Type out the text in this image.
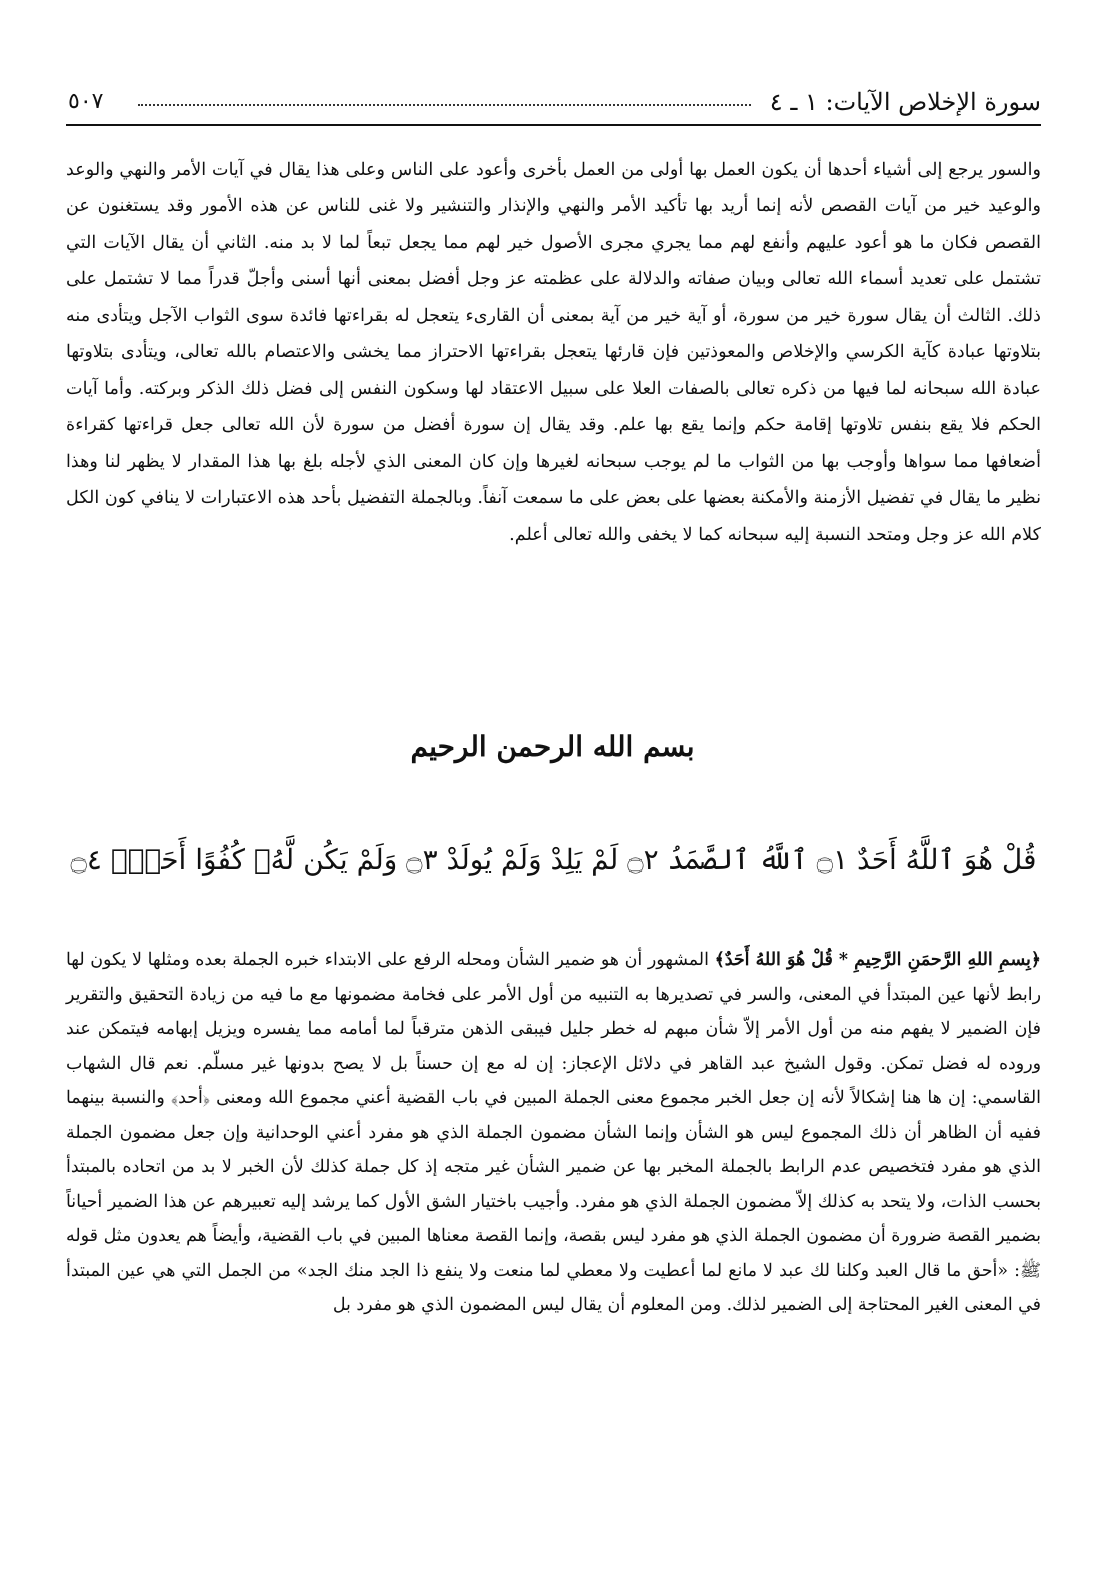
سورة الإخلاص الآيات: ١ ـ ٤
٥٠٧

والسور يرجع إلى أشياء أحدها أن يكون العمل بها أولى من العمل بأخرى وأعود على الناس وعلى هذا يقال في آيات الأمر والنهي والوعد والوعيد خير من آيات القصص لأنه إنما أريد بها تأكيد الأمر والنهي والإنذار والتنشير ولا غنى للناس عن هذه الأمور وقد يستغنون عن القصص فكان ما هو أعود عليهم وأنفع لهم مما يجري مجرى الأصول خير لهم مما يجعل تبعاً لما لا بد منه. الثاني أن يقال الآيات التي تشتمل على تعديد أسماء الله تعالى وبيان صفاته والدلالة على عظمته عز وجل أفضل بمعنى أنها أسنى وأجلّ قدراً مما لا تشتمل على ذلك. الثالث أن يقال سورة خير من سورة، أو آية خير من آية بمعنى أن القارىء يتعجل له بقراءتها فائدة سوى الثواب الآجل ويتأدى منه بتلاوتها عبادة كآية الكرسي والإخلاص والمعوذتين فإن قارئها يتعجل بقراءتها الاحتراز مما يخشى والاعتصام بالله تعالى، ويتأدى بتلاوتها عبادة الله سبحانه لما فيها من ذكره تعالى بالصفات العلا على سبيل الاعتقاد لها وسكون النفس إلى فضل ذلك الذكر وبركته. وأما آيات الحكم فلا يقع بنفس تلاوتها إقامة حكم وإنما يقع بها علم. وقد يقال إن سورة أفضل من سورة لأن الله تعالى جعل قراءتها كقراءة أضعافها مما سواها وأوجب بها من الثواب ما لم يوجب سبحانه لغيرها وإن كان المعنى الذي لأجله بلغ بها هذا المقدار لا يظهر لنا وهذا نظير ما يقال في تفضيل الأزمنة والأمكنة بعضها على بعض على ما سمعت آنفاً. وبالجملة التفضيل بأحد هذه الاعتبارات لا ينافي كون الكل كلام الله عز وجل ومتحد النسبة إليه سبحانه كما لا يخفى والله تعالى أعلم.

بسم الله الرحمن الرحيم
قُلْ هُوَ ٱللَّهُ أَحَدٌ ۝١ ٱللَّهُ ٱلصَّمَدُ ۝٢ لَمْ يَلِدْ وَلَمْ يُولَدْ ۝٣ وَلَمْ يَكُن لَّهُۥ كُفُوًا أَحَدٌۢ ۝٤

﴿بِسمِ اللهِ الرَّحمَنِ الرَّحِيمِ * قُلْ هُوَ اللهُ أَحَدٌ﴾ المشهور أن هو ضمير الشأن ومحله الرفع على الابتداء خبره الجملة بعده ومثلها لا يكون لها رابط لأنها عين المبتدأ في المعنى، والسر في تصديرها به التنبيه من أول الأمر على فخامة مضمونها مع ما فيه من زيادة التحقيق والتقرير فإن الضمير لا يفهم منه من أول الأمر إلاّ شأن مبهم له خطر جليل فيبقى الذهن مترقباً لما أمامه مما يفسره ويزيل إبهامه فيتمكن عند وروده له فضل تمكن. وقول الشيخ عبد القاهر في دلائل الإعجاز: إن له مع إن حسناً بل لا يصح بدونها غير مسلّم. نعم قال الشهاب القاسمي: إن ها هنا إشكالاً لأنه إن جعل الخبر مجموع معنى الجملة المبين في باب القضية أعني مجموع الله ومعنى ﴿أحد﴾ والنسبة بينهما ففيه أن الظاهر أن ذلك المجموع ليس هو الشأن وإنما الشأن مضمون الجملة الذي هو مفرد أعني الوحدانية وإن جعل مضمون الجملة الذي هو مفرد فتخصيص عدم الرابط بالجملة المخبر بها عن ضمير الشأن غير متجه إذ كل جملة كذلك لأن الخبر لا بد من اتحاده بالمبتدأ بحسب الذات، ولا يتحد به كذلك إلاّ مضمون الجملة الذي هو مفرد. وأجيب باختيار الشق الأول كما يرشد إليه تعبيرهم عن هذا الضمير أحياناً بضمير القصة ضرورة أن مضمون الجملة الذي هو مفرد ليس بقصة، وإنما القصة معناها المبين في باب القضية، وأيضاً هم يعدون مثل قوله ﷺ: «أحق ما قال العبد وكلنا لك عبد لا مانع لما أعطيت ولا معطي لما منعت ولا ينفع ذا الجد منك الجد» من الجمل التي هي عين المبتدأ في المعنى الغير المحتاجة إلى الضمير لذلك. ومن المعلوم أن يقال ليس المضمون الذي هو مفرد بل
